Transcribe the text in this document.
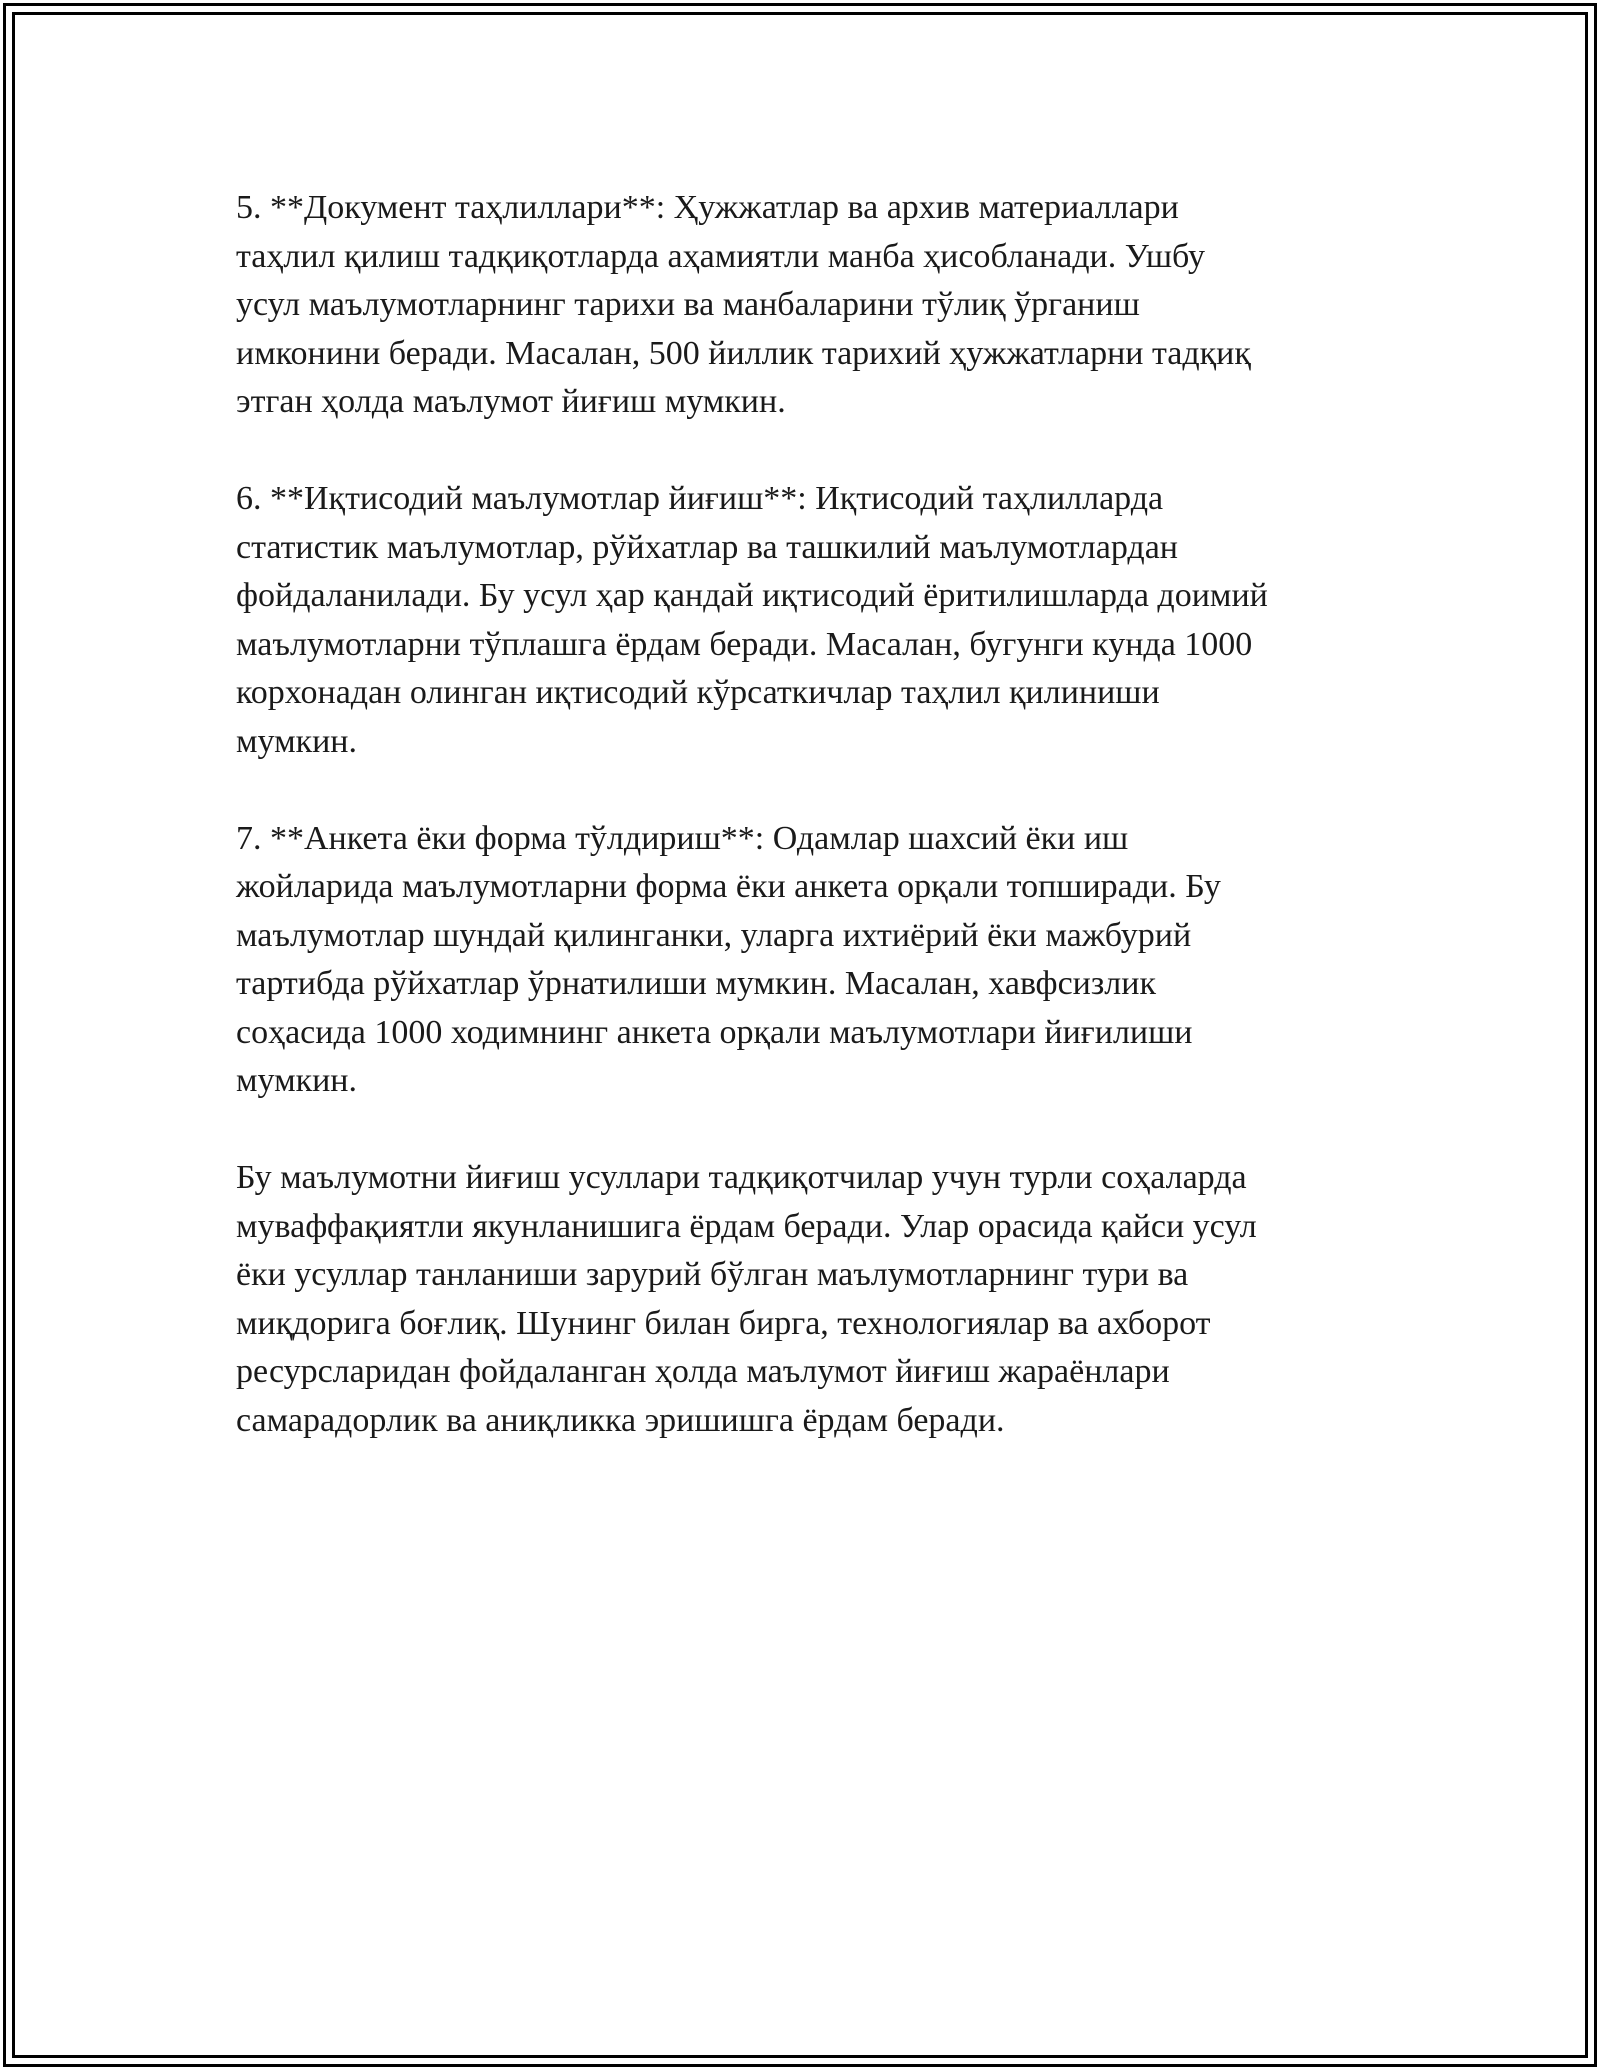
5. **Документ таҳлиллари**: Ҳужжатлар ва архив материаллари
таҳлил қилиш тадқиқотларда аҳамиятли манба ҳисобланади. Ушбу
усул маълумотларнинг тарихи ва манбаларини тўлиқ ўрганиш
имконини беради. Масалан, 500 йиллик тарихий ҳужжатларни тадқиқ
этган ҳолда маълумот йиғиш мумкин.

6. **Иқтисодий маълумотлар йиғиш**: Иқтисодий таҳлилларда
статистик маълумотлар, рўйхатлар ва ташкилий маълумотлардан
фойдаланилади. Бу усул ҳар қандай иқтисодий ёритилишларда доимий
маълумотларни тўплашга ёрдам беради. Масалан, бугунги кунда 1000
корхонадан олинган иқтисодий кўрсаткичлар таҳлил қилиниши
мумкин.

7. **Анкета ёки форма тўлдириш**: Одамлар шахсий ёки иш
жойларида маълумотларни форма ёки анкета орқали топширади. Бу
маълумотлар шундай қилинганки, уларга ихтиёрий ёки мажбурий
тартибда рўйхатлар ўрнатилиши мумкин. Масалан, хавфсизлик
соҳасида 1000 ходимнинг анкета орқали маълумотлари йиғилиши
мумкин.

Бу маълумотни йиғиш усуллари тадқиқотчилар учун турли соҳаларда
муваффақиятли якунланишига ёрдам беради. Улар орасида қайси усул
ёки усуллар танланиши зарурий бўлган маълумотларнинг тури ва
миқдорига боғлиқ. Шунинг билан бирга, технологиялар ва ахборот
ресурсларидан фойдаланган ҳолда маълумот йиғиш жараёнлари
самарадорлик ва аниқликка эришишга ёрдам беради.
